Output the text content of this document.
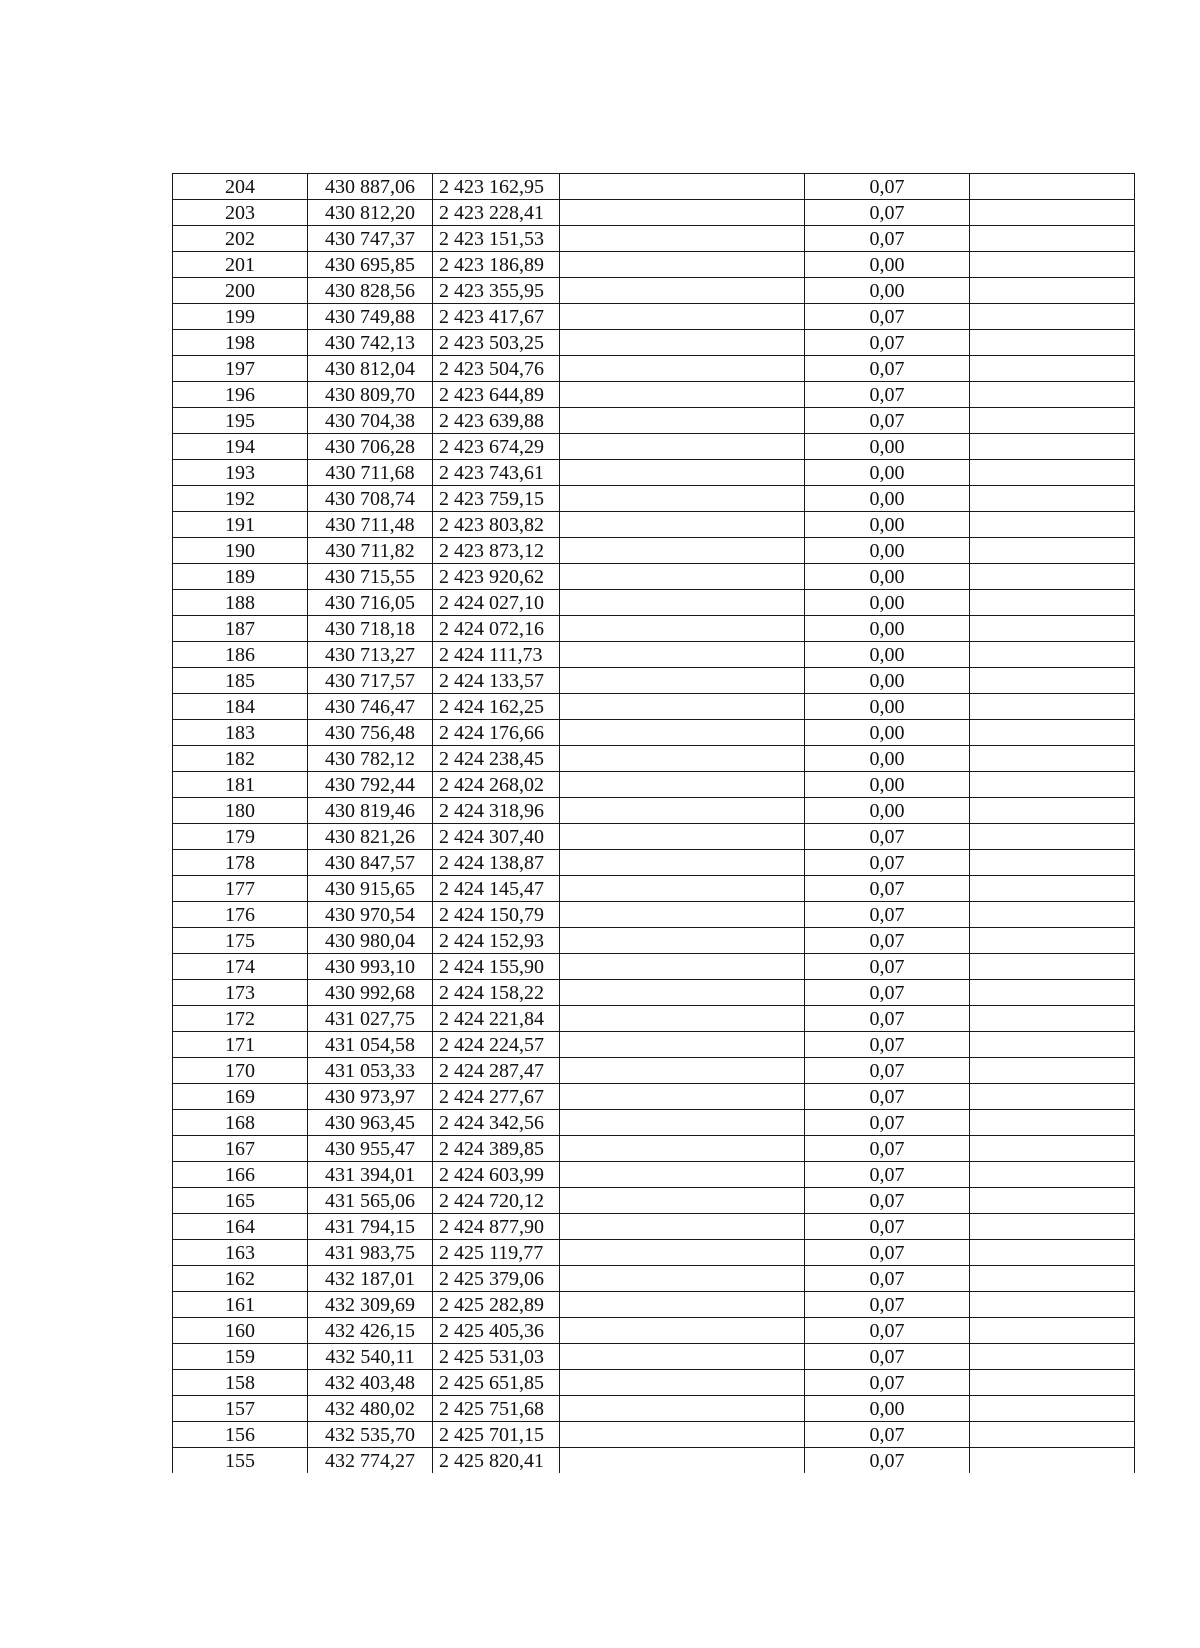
204	430 887,06	2 423 162,95		0,07	
203	430 812,20	2 423 228,41		0,07	
202	430 747,37	2 423 151,53		0,07	
201	430 695,85	2 423 186,89		0,00	
200	430 828,56	2 423 355,95		0,00	
199	430 749,88	2 423 417,67		0,07	
198	430 742,13	2 423 503,25		0,07	
197	430 812,04	2 423 504,76		0,07	
196	430 809,70	2 423 644,89		0,07	
195	430 704,38	2 423 639,88		0,07	
194	430 706,28	2 423 674,29		0,00	
193	430 711,68	2 423 743,61		0,00	
192	430 708,74	2 423 759,15		0,00	
191	430 711,48	2 423 803,82		0,00	
190	430 711,82	2 423 873,12		0,00	
189	430 715,55	2 423 920,62		0,00	
188	430 716,05	2 424 027,10		0,00	
187	430 718,18	2 424 072,16		0,00	
186	430 713,27	2 424 111,73		0,00	
185	430 717,57	2 424 133,57		0,00	
184	430 746,47	2 424 162,25		0,00	
183	430 756,48	2 424 176,66		0,00	
182	430 782,12	2 424 238,45		0,00	
181	430 792,44	2 424 268,02		0,00	
180	430 819,46	2 424 318,96		0,00	
179	430 821,26	2 424 307,40		0,07	
178	430 847,57	2 424 138,87		0,07	
177	430 915,65	2 424 145,47		0,07	
176	430 970,54	2 424 150,79		0,07	
175	430 980,04	2 424 152,93		0,07	
174	430 993,10	2 424 155,90		0,07	
173	430 992,68	2 424 158,22		0,07	
172	431 027,75	2 424 221,84		0,07	
171	431 054,58	2 424 224,57		0,07	
170	431 053,33	2 424 287,47		0,07	
169	430 973,97	2 424 277,67		0,07	
168	430 963,45	2 424 342,56		0,07	
167	430 955,47	2 424 389,85		0,07	
166	431 394,01	2 424 603,99		0,07	
165	431 565,06	2 424 720,12		0,07	
164	431 794,15	2 424 877,90		0,07	
163	431 983,75	2 425 119,77		0,07	
162	432 187,01	2 425 379,06		0,07	
161	432 309,69	2 425 282,89		0,07	
160	432 426,15	2 425 405,36		0,07	
159	432 540,11	2 425 531,03		0,07	
158	432 403,48	2 425 651,85		0,07	
157	432 480,02	2 425 751,68		0,00	
156	432 535,70	2 425 701,15		0,07	
155	432 774,27	2 425 820,41		0,07	
